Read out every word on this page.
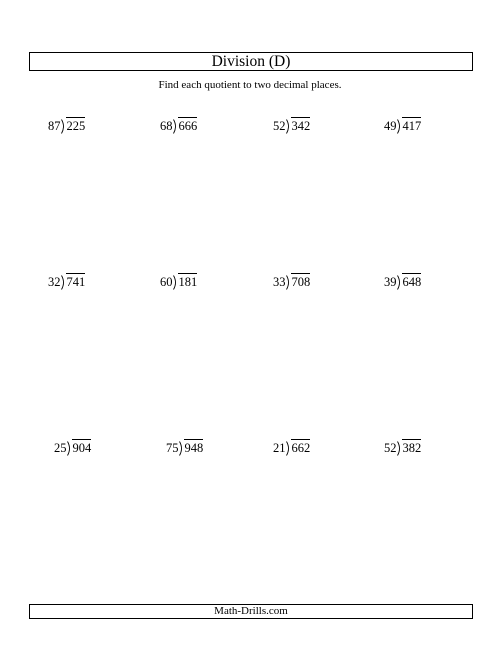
Division (D)
Find each quotient to two decimal places.
87 225	68 666	52 342	49 417
32 741	60 181	33 708	39 648
25 904	75 948	21 662	52 382
Math-Drills.com
